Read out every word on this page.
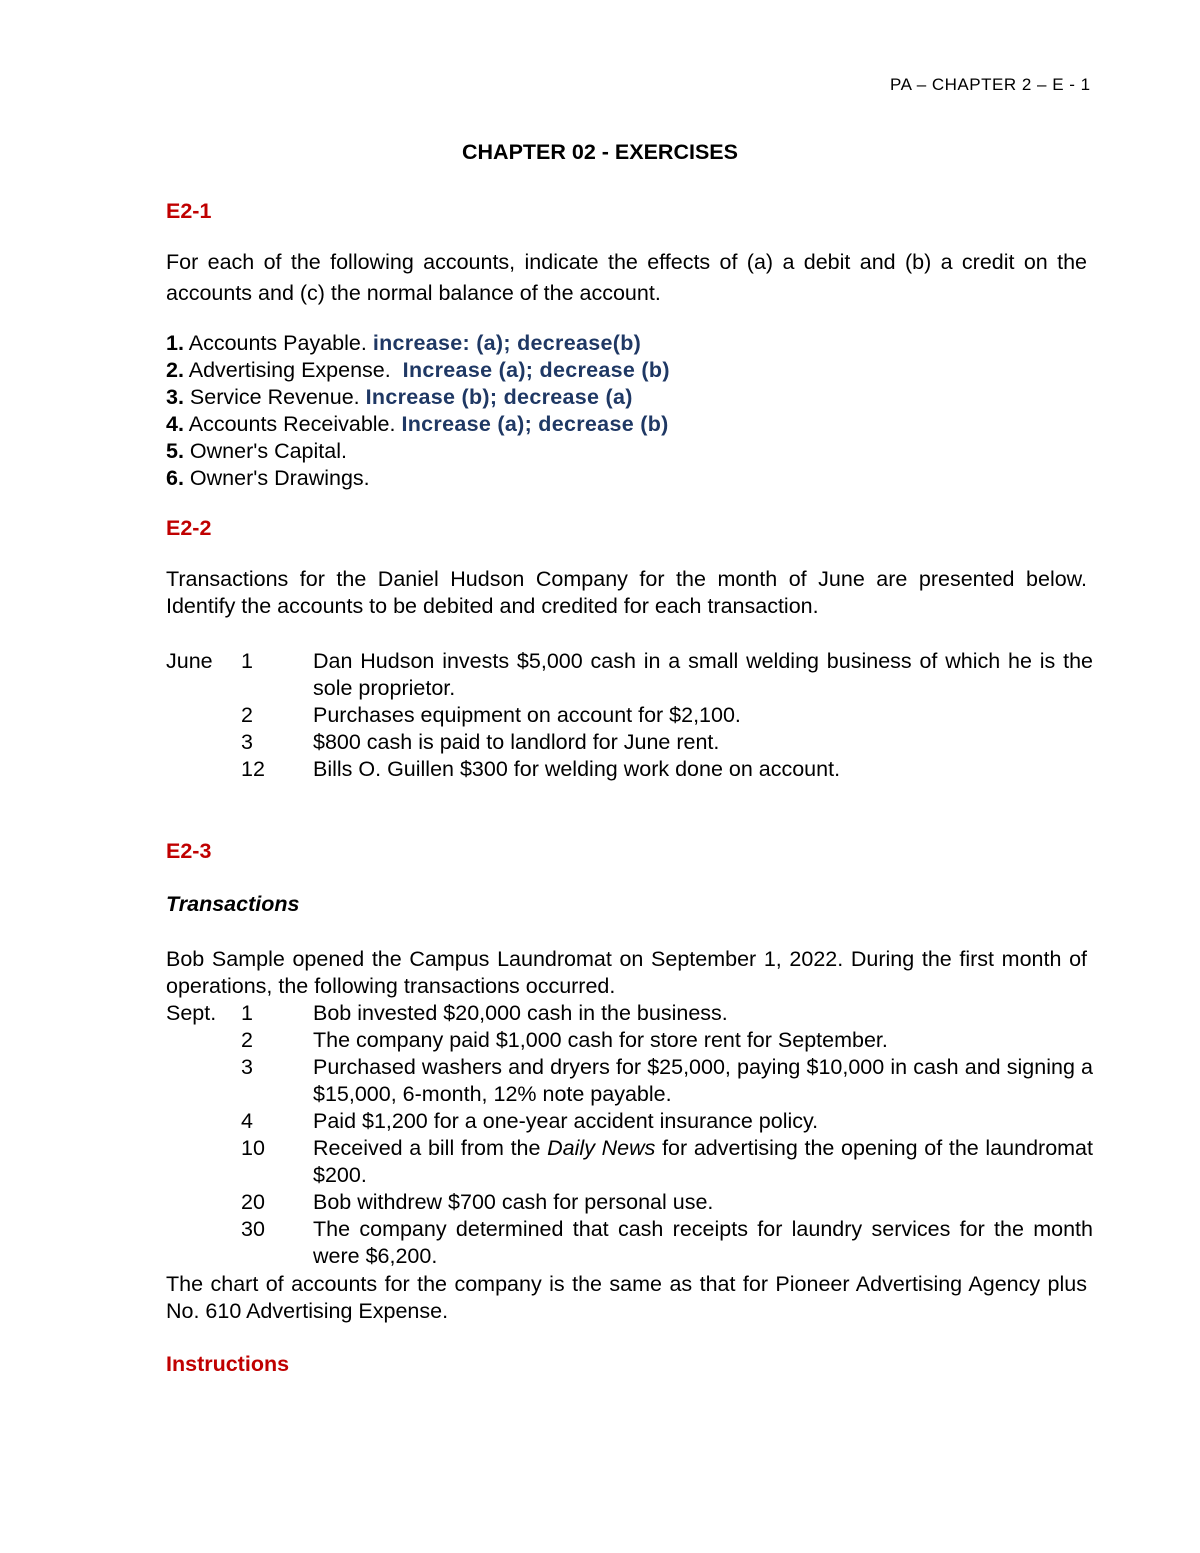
PA – CHAPTER 2 – E - 1
CHAPTER 02 - EXERCISES
E2-1
For each of the following accounts, indicate the effects of (a) a debit and (b) a credit on the accounts and (c) the normal balance of the account.
1. Accounts Payable. increase: (a); decrease(b)
2. Advertising Expense. Increase (a); decrease (b)
3. Service Revenue. Increase (b); decrease (a)
4. Accounts Receivable. Increase (a); decrease (b)
5. Owner's Capital.
6. Owner's Drawings.
E2-2
Transactions for the Daniel Hudson Company for the month of June are presented below. Identify the accounts to be debited and credited for each transaction.
June	1	Dan Hudson invests $5,000 cash in a small welding business of which he is the sole proprietor.
	2	Purchases equipment on account for $2,100.
	3	$800 cash is paid to landlord for June rent.
	12	Bills O. Guillen $300 for welding work done on account.
E2-3
Transactions
Bob Sample opened the Campus Laundromat on September 1, 2022. During the first month of operations, the following transactions occurred.
Sept.	1	Bob invested $20,000 cash in the business.
	2	The company paid $1,000 cash for store rent for September.
	3	Purchased washers and dryers for $25,000, paying $10,000 in cash and signing a $15,000, 6-month, 12% note payable.
	4	Paid $1,200 for a one-year accident insurance policy.
	10	Received a bill from the Daily News for advertising the opening of the laundromat $200.
	20	Bob withdrew $700 cash for personal use.
	30	The company determined that cash receipts for laundry services for the month were $6,200.
The chart of accounts for the company is the same as that for Pioneer Advertising Agency plus No. 610 Advertising Expense.
Instructions
